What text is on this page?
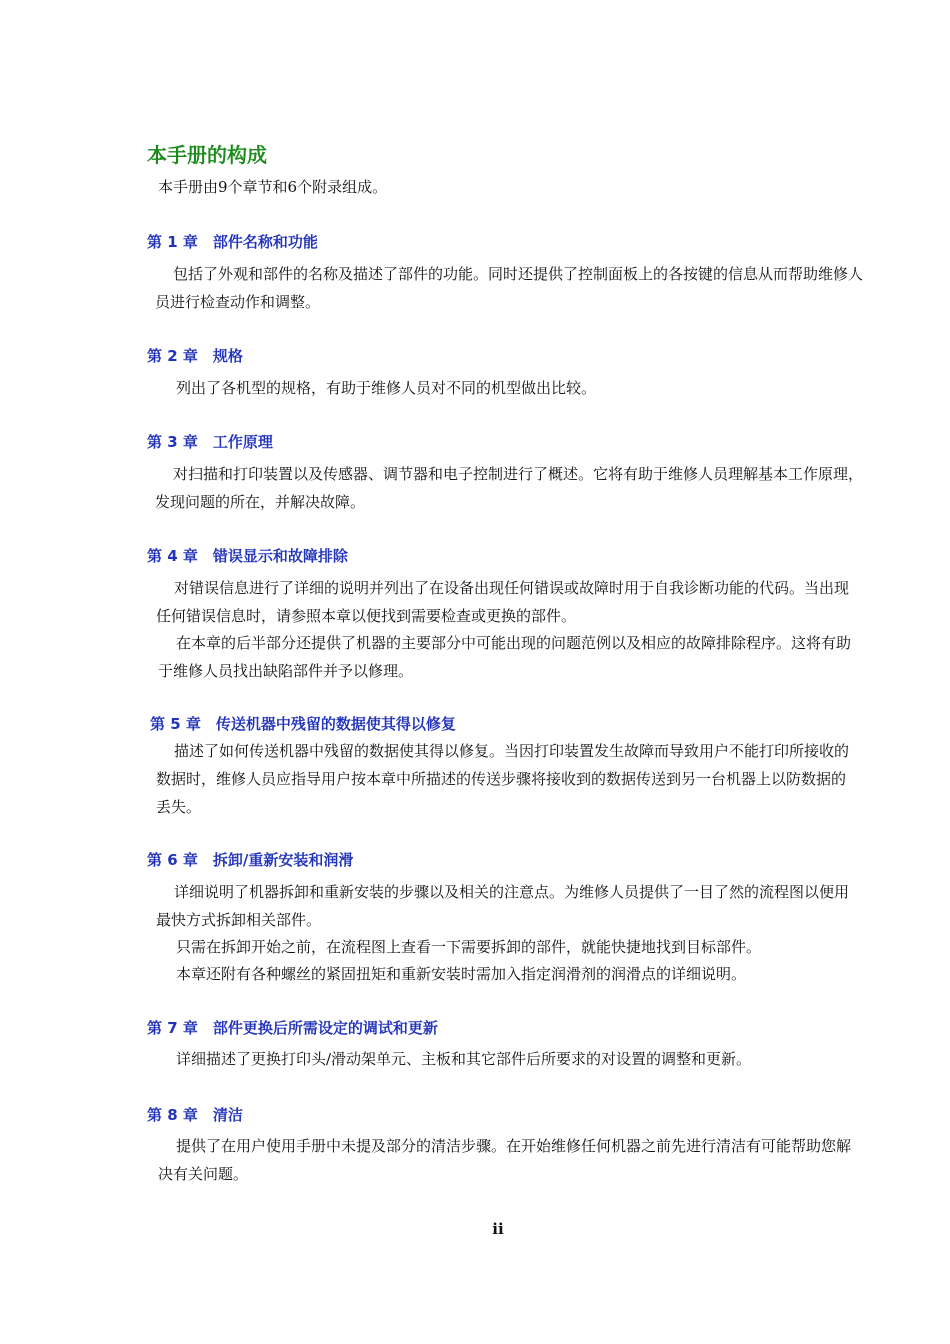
本手册的构成

本手册由9个章节和6个附录组成。

第 1 章 部件名称和功能

包括了外观和部件的名称及描述了部件的功能。同时还提供了控制面板上的各按键的信息从而帮助维修人员进行检查动作和调整。

第 2 章 规格

列出了各机型的规格，有助于维修人员对不同的机型做出比较。

第 3 章 工作原理

对扫描和打印装置以及传感器、调节器和电子控制进行了概述。它将有助于维修人员理解基本工作原理，发现问题的所在，并解决故障。

第 4 章 错误显示和故障排除

对错误信息进行了详细的说明并列出了在设备出现任何错误或故障时用于自我诊断功能的代码。当出现任何错误信息时，请参照本章以便找到需要检查或更换的部件。

在本章的后半部分还提供了机器的主要部分中可能出现的问题范例以及相应的故障排除程序。这将有助于维修人员找出缺陷部件并予以修理。

第 5 章 传送机器中残留的数据使其得以修复

描述了如何传送机器中残留的数据使其得以修复。当因打印装置发生故障而导致用户不能打印所接收的数据时，维修人员应指导用户按本章中所描述的传送步骤将接收到的数据传送到另一台机器上以防数据的丢失。

第 6 章 拆卸/重新安装和润滑

详细说明了机器拆卸和重新安装的步骤以及相关的注意点。为维修人员提供了一目了然的流程图以便用最快方式拆卸相关部件。

只需在拆卸开始之前，在流程图上查看一下需要拆卸的部件，就能快捷地找到目标部件。

本章还附有各种螺丝的紧固扭矩和重新安装时需加入指定润滑剂的润滑点的详细说明。

第 7 章 部件更换后所需设定的调试和更新

详细描述了更换打印头/滑动架单元、主板和其它部件后所要求的对设置的调整和更新。

第 8 章 清洁

提供了在用户使用手册中未提及部分的清洁步骤。在开始维修任何机器之前先进行清洁有可能帮助您解决有关问题。

ii
